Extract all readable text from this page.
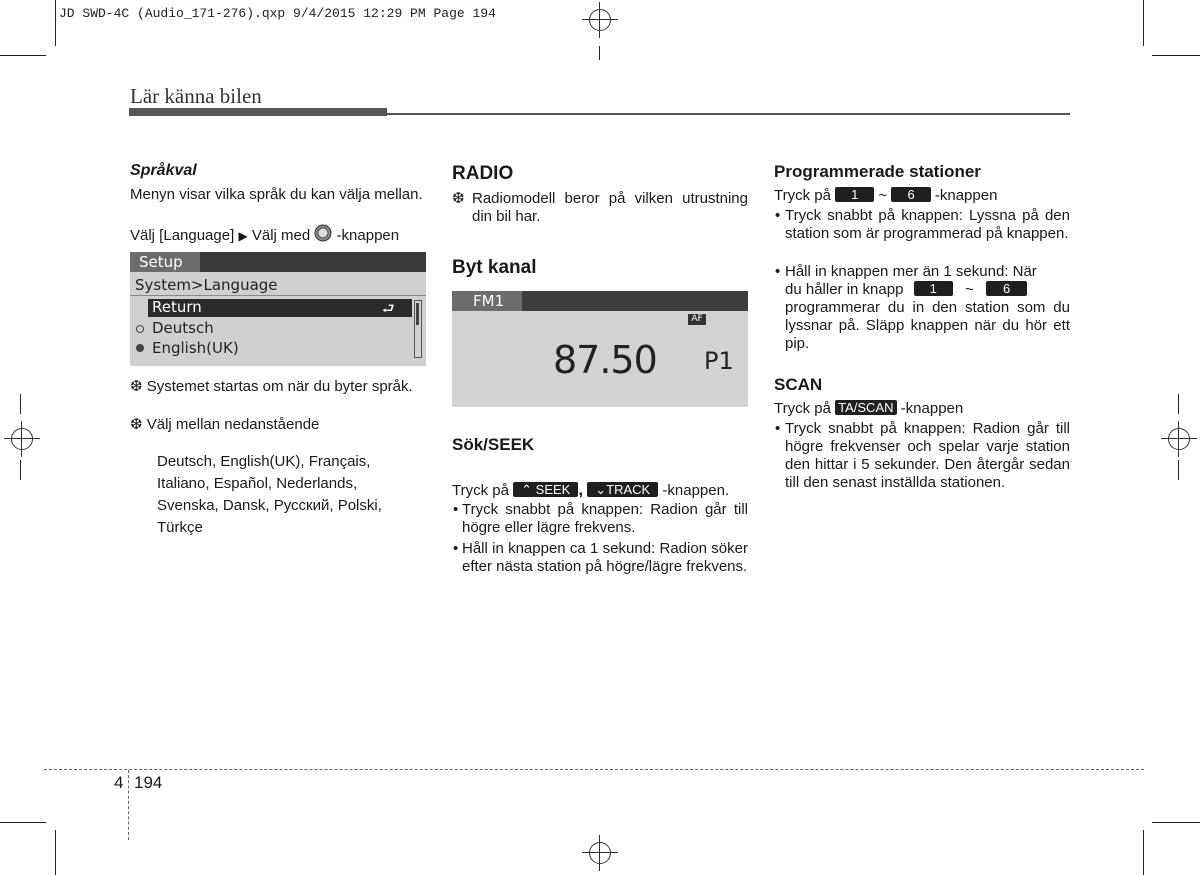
JD SWD-4C (Audio_171-276).qxp 9/4/2015 12:29 PM Page 194
Lär känna bilen
Språkval
Menyn visar vilka språk du kan välja mellan.
Välj [Language] ▶ Välj med -knappen
Setup
System>Language
Return	⮐
Deutsch
English(UK)
❆ Systemet startas om när du byter språk.
❆ Välj mellan nedanstående
Deutsch, English(UK), Français,
Italiano, Español, Nederlands,
Svenska, Dansk, Русский, Polski,
Türkçe
RADIO
❆ Radiomodell beror på vilken utrustning din bil har.
Byt kanal
FM1
AF
87.50 P1
Sök/SEEK
Tryck på ⌃ SEEK , ⌄TRACK -knappen.
• Tryck snabbt på knappen: Radion går till högre eller lägre frekvens.
• Håll in knappen ca 1 sekund: Radion söker efter nästa station på högre/lägre frekvens.
Programmerade stationer
Tryck på 1 ~ 6 -knappen
• Tryck snabbt på knappen: Lyssna på den station som är programmerad på knappen.
• Håll in knappen mer än 1 sekund: När
du håller in knapp 1 ~ 6
programmerar du in den station som du lyssnar på. Släpp knappen när du hör ett pip.
SCAN
Tryck på TA/SCAN -knappen
• Tryck snabbt på knappen: Radion går till högre frekvenser och spelar varje station den hittar i 5 sekunder. Den återgår sedan till den senast inställda stationen.
4 194
